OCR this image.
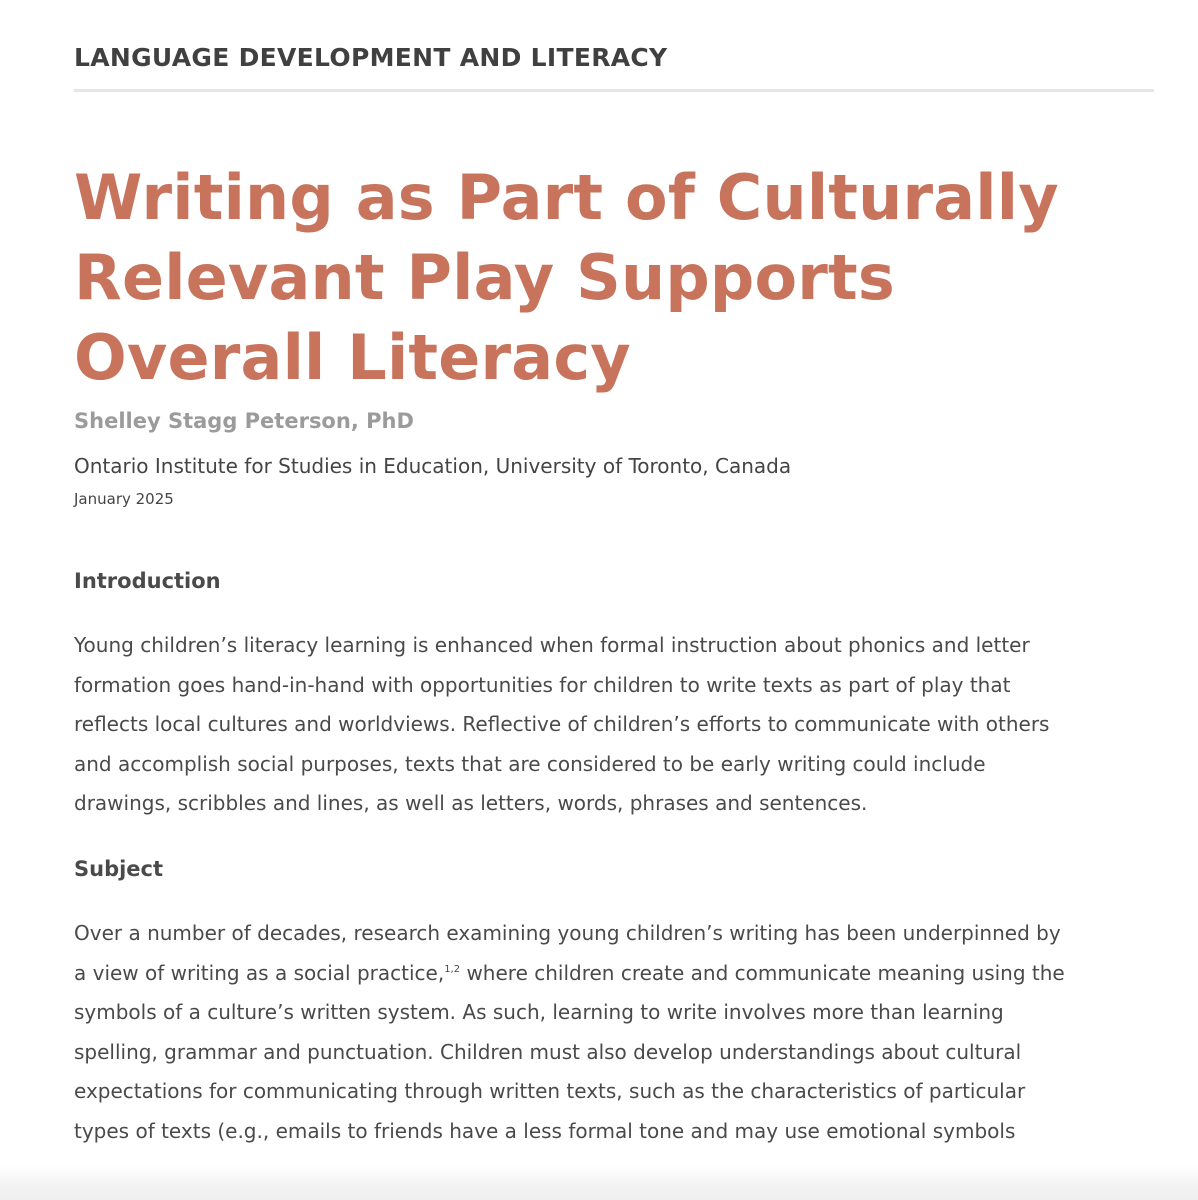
LANGUAGE DEVELOPMENT AND LITERACY

Writing as Part of Culturally
Relevant Play Supports
Overall Literacy

Shelley Stagg Peterson, PhD

Ontario Institute for Studies in Education, University of Toronto, Canada

January 2025

Introduction

Young children’s literacy learning is enhanced when formal instruction about phonics and letter
formation goes hand-in-hand with opportunities for children to write texts as part of play that
reflects local cultures and worldviews. Reflective of children’s efforts to communicate with others
and accomplish social purposes, texts that are considered to be early writing could include
drawings, scribbles and lines, as well as letters, words, phrases and sentences.

Subject

Over a number of decades, research examining young children’s writing has been underpinned by
a view of writing as a social practice,$^{1,2}$ where children create and communicate meaning using the
symbols of a culture’s written system. As such, learning to write involves more than learning
spelling, grammar and punctuation. Children must also develop understandings about cultural
expectations for communicating through written texts, such as the characteristics of particular
types of texts (e.g., emails to friends have a less formal tone and may use emotional symbols
